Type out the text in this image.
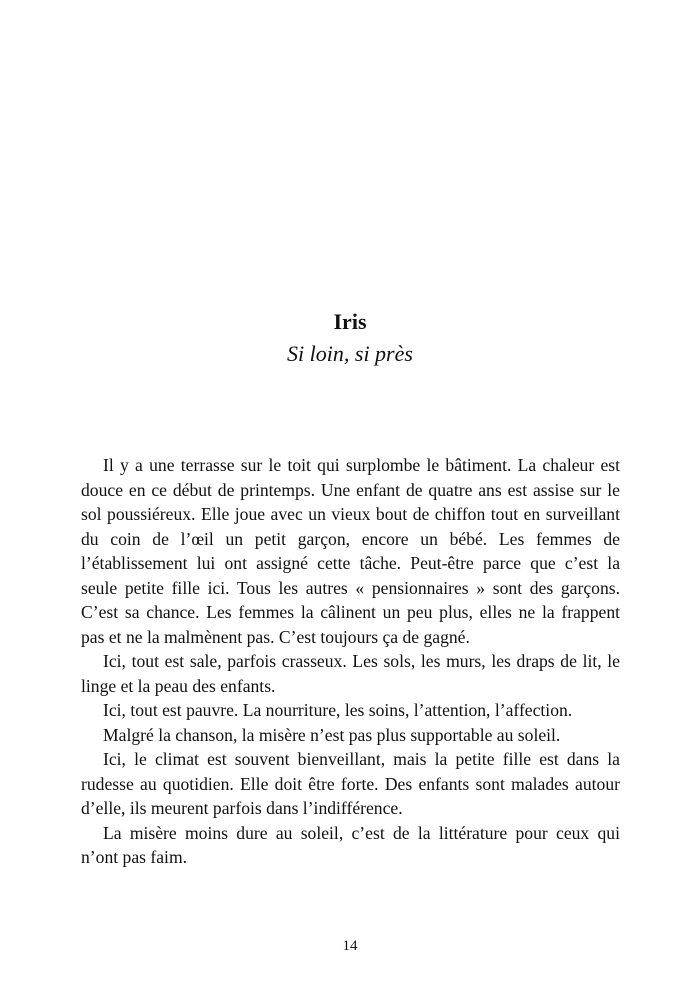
Iris
Si loin, si près
Il y a une terrasse sur le toit qui surplombe le bâtiment. La chaleur est
douce en ce début de printemps. Une enfant de quatre ans est assise sur le
sol poussiéreux. Elle joue avec un vieux bout de chiffon tout en surveillant
du coin de l’œil un petit garçon, encore un bébé. Les femmes de
l’établissement lui ont assigné cette tâche. Peut-être parce que c’est la
seule petite fille ici. Tous les autres « pensionnaires » sont des garçons.
C’est sa chance. Les femmes la câlinent un peu plus, elles ne la frappent
pas et ne la malmènent pas. C’est toujours ça de gagné.
Ici, tout est sale, parfois crasseux. Les sols, les murs, les draps de lit, le
linge et la peau des enfants.
Ici, tout est pauvre. La nourriture, les soins, l’attention, l’affection.
Malgré la chanson, la misère n’est pas plus supportable au soleil.
Ici, le climat est souvent bienveillant, mais la petite fille est dans la
rudesse au quotidien. Elle doit être forte. Des enfants sont malades autour
d’elle, ils meurent parfois dans l’indifférence.
La misère moins dure au soleil, c’est de la littérature pour ceux qui
n’ont pas faim.
14
